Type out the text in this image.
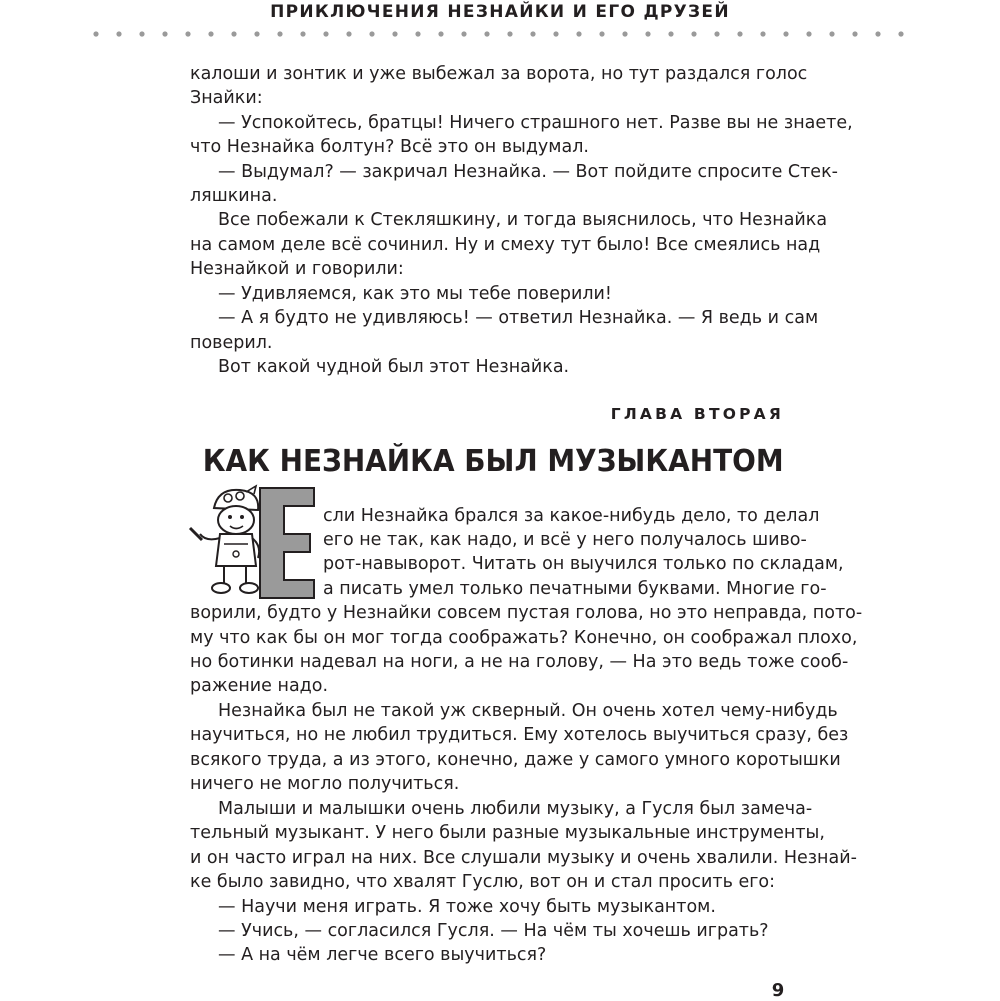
ПРИКЛЮЧЕНИЯ НЕЗНАЙКИ И ЕГО ДРУЗЕЙ
калоши и зонтик и уже выбежал за ворота, но тут раздался голос
Знайки:
— Успокойтесь, братцы! Ничего страшного нет. Разве вы не знаете,
что Незнайка болтун? Всё это он выдумал.
— Выдумал? — закричал Незнайка. — Вот пойдите спросите Стек-
ляшкина.
Все побежали к Стекляшкину, и тогда выяснилось, что Незнайка
на самом деле всё сочинил. Ну и смеху тут было! Все смеялись над
Незнайкой и говорили:
— Удивляемся, как это мы тебе поверили!
— А я будто не удивляюсь! — ответил Незнайка. — Я ведь и сам
поверил.
Вот какой чудной был этот Незнайка.
ГЛАВА ВТОРАЯ
КАК НЕЗНАЙКА БЫЛ МУЗЫКАНТОМ
Е
сли Незнайка брался за какое-нибудь дело, то делал
его не так, как надо, и всё у него получалось шиво-
рот-навыворот. Читать он выучился только по складам,
а писать умел только печатными буквами. Многие го-
ворили, будто у Незнайки совсем пустая голова, но это неправда, пото-
му что как бы он мог тогда соображать? Конечно, он соображал плохо,
но ботинки надевал на ноги, а не на голову, — На это ведь тоже сооб-
ражение надо.
Незнайка был не такой уж скверный. Он очень хотел чему-нибудь
научиться, но не любил трудиться. Ему хотелось выучиться сразу, без
всякого труда, а из этого, конечно, даже у самого умного коротышки
ничего не могло получиться.
Малыши и малышки очень любили музыку, а Гусля был замеча-
тельный музыкант. У него были разные музыкальные инструменты,
и он часто играл на них. Все слушали музыку и очень хвалили. Незнай-
ке было завидно, что хвалят Гуслю, вот он и стал просить его:
— Научи меня играть. Я тоже хочу быть музыкантом.
— Учись, — согласился Гусля. — На чём ты хочешь играть?
— А на чём легче всего выучиться?
9
